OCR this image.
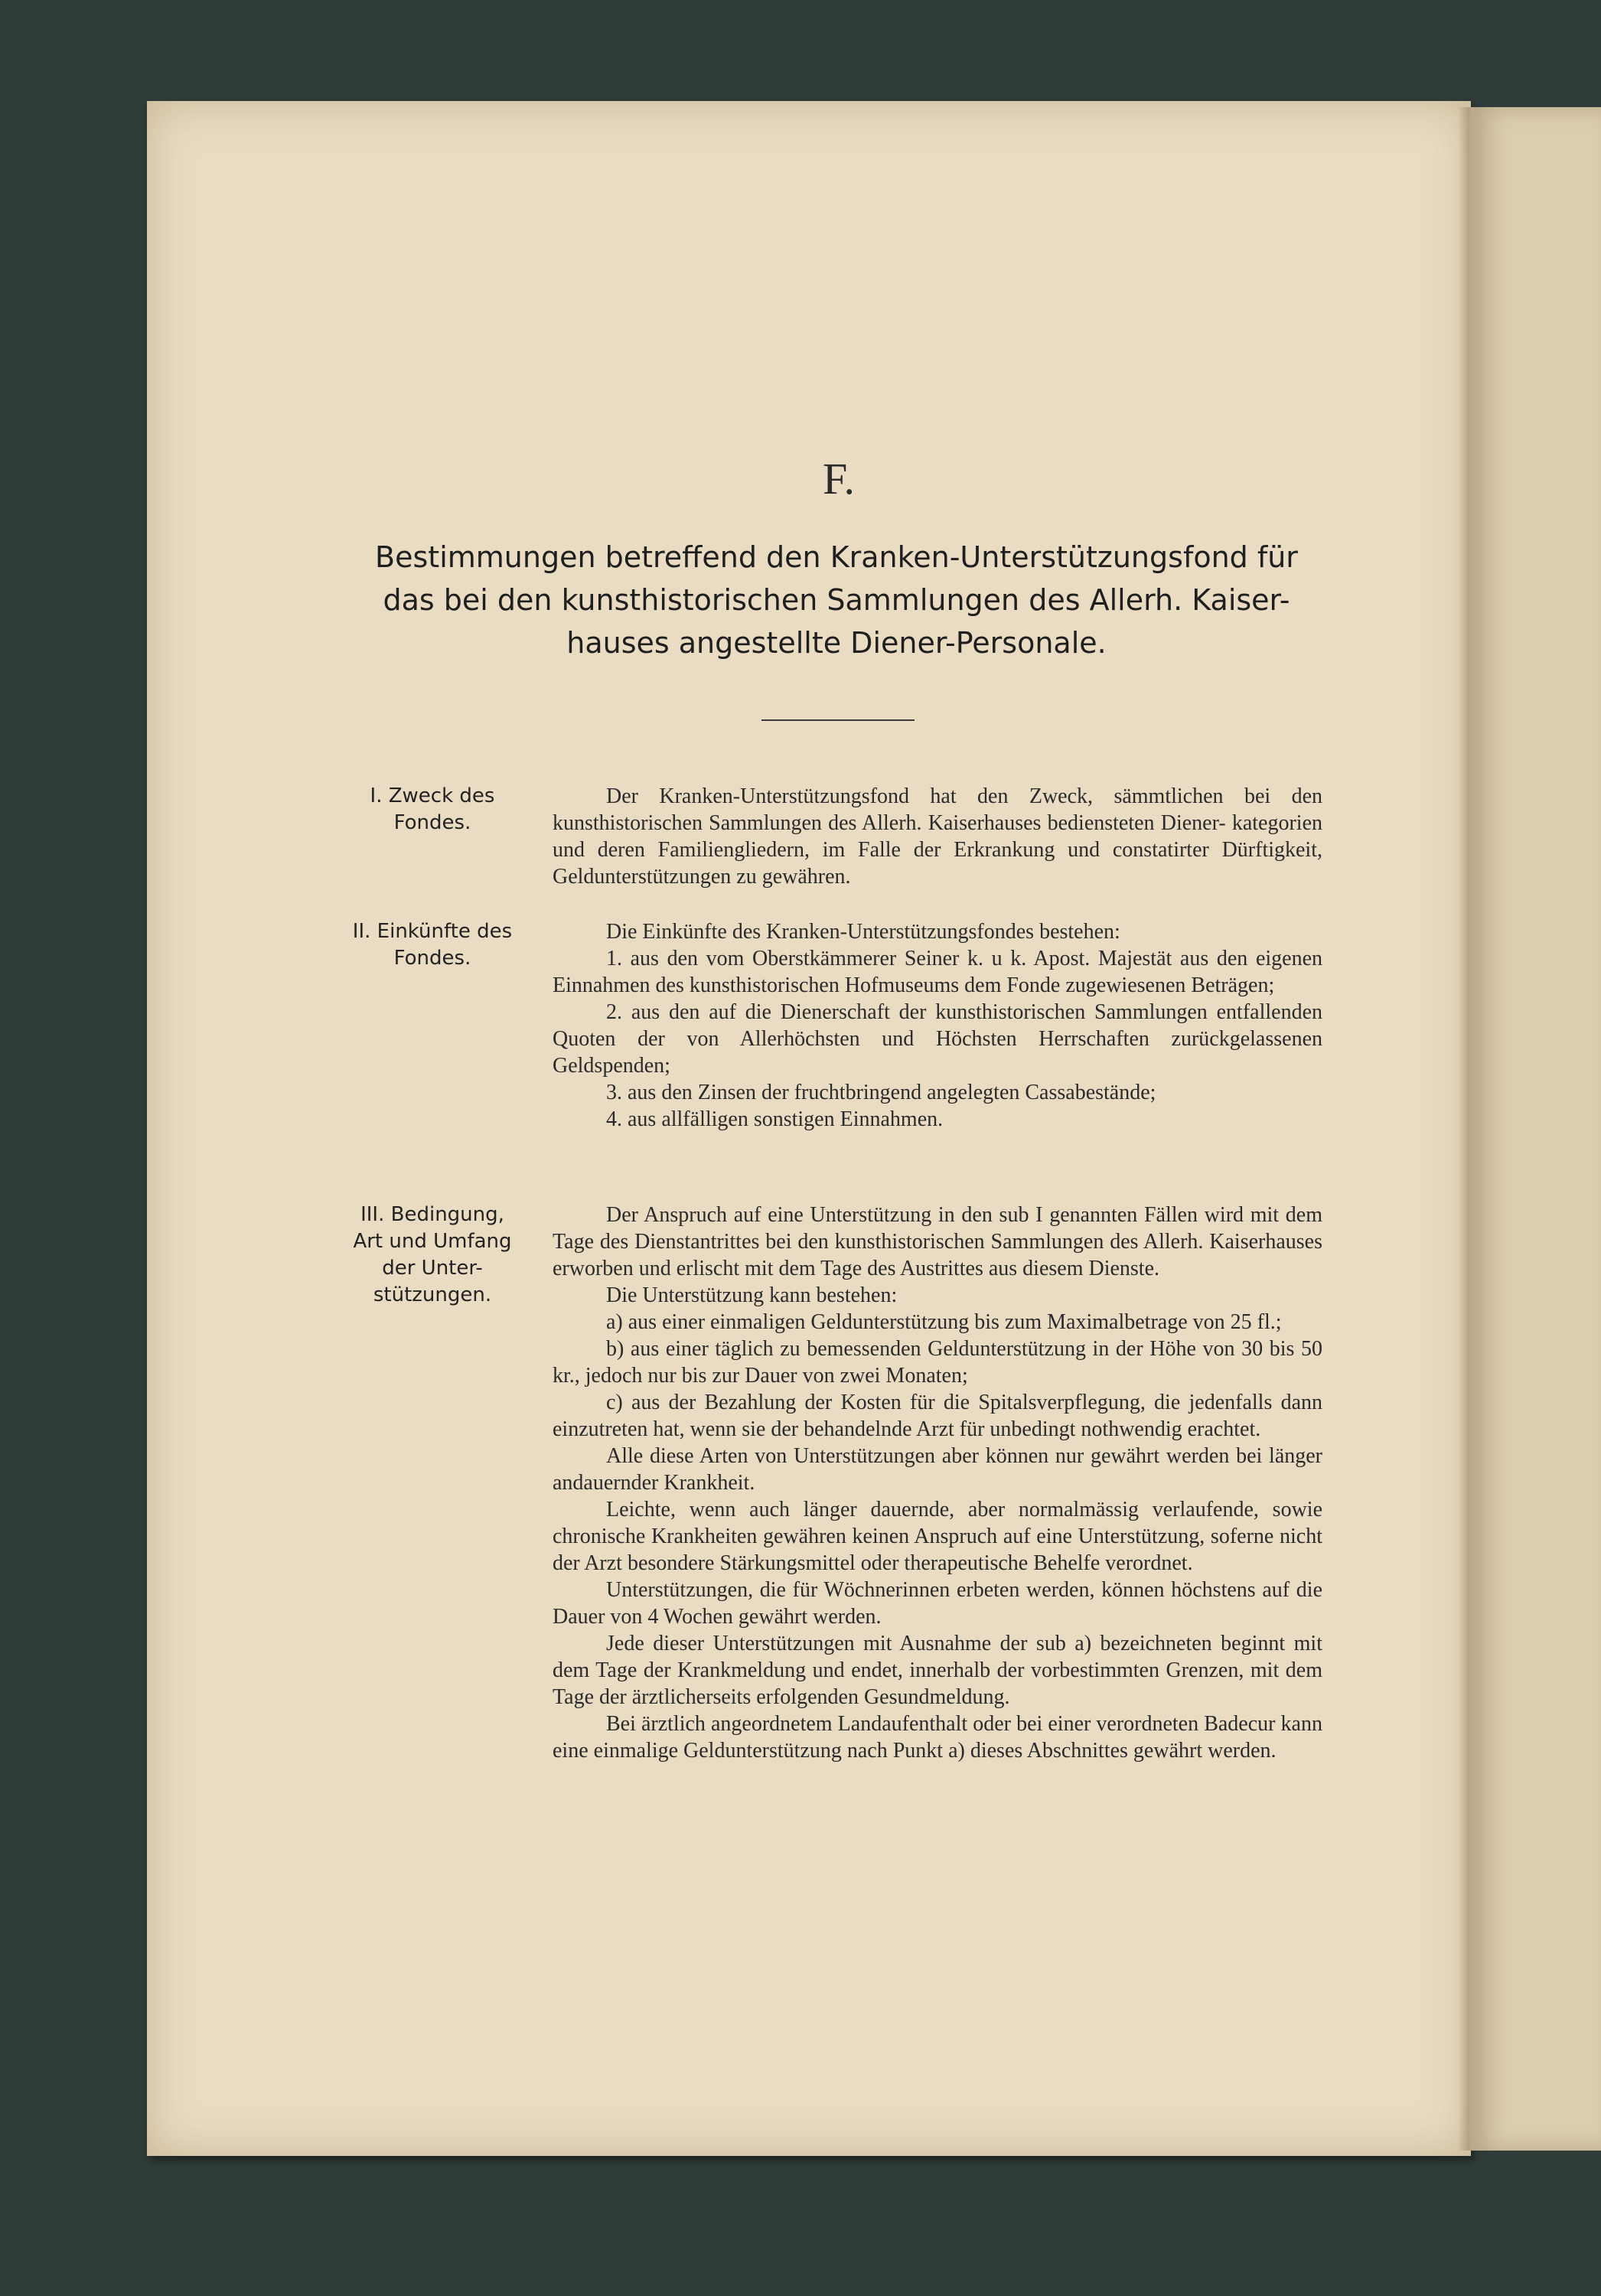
F.
Bestimmungen betreffend den Kranken-Unterstützungsfond für
das bei den kunsthistorischen Sammlungen des Allerh. Kaiser-
hauses angestellte Diener-Personale.
I. Zweck des
Fondes.

Der Kranken-Unterstützungsfond hat den Zweck, sämmtlichen bei den kunsthistorischen Sammlungen des Allerh. Kaiserhauses bediensteten Diener- kategorien und deren Familiengliedern, im Falle der Erkrankung und constatirter Dürftigkeit, Geldunterstützungen zu gewähren.

II. Einkünfte des
Fondes.

Die Einkünfte des Kranken-Unterstützungsfondes bestehen:

1. aus den vom Oberstkämmerer Seiner k. u k. Apost. Majestät aus den eigenen Einnahmen des kunsthistorischen Hofmuseums dem Fonde zugewiesenen Beträgen;

2. aus den auf die Dienerschaft der kunsthistorischen Sammlungen entfallenden Quoten der von Allerhöchsten und Höchsten Herrschaften zurückgelassenen Geldspenden;

3. aus den Zinsen der fruchtbringend angelegten Cassabestände;

4. aus allfälligen sonstigen Einnahmen.

III. Bedingung,
Art und Umfang
der Unter-
stützungen.

Der Anspruch auf eine Unterstützung in den sub I genannten Fällen wird mit dem Tage des Dienstantrittes bei den kunsthistorischen Sammlungen des Allerh. Kaiserhauses erworben und erlischt mit dem Tage des Austrittes aus diesem Dienste.

Die Unterstützung kann bestehen:

a) aus einer einmaligen Geldunterstützung bis zum Maximalbetrage von 25 fl.;

b) aus einer täglich zu bemessenden Geldunterstützung in der Höhe von 30 bis 50 kr., jedoch nur bis zur Dauer von zwei Monaten;

c) aus der Bezahlung der Kosten für die Spitalsverpflegung, die jedenfalls dann einzutreten hat, wenn sie der behandelnde Arzt für unbedingt nothwendig erachtet.

Alle diese Arten von Unterstützungen aber können nur gewährt werden bei länger andauernder Krankheit.

Leichte, wenn auch länger dauernde, aber normalmässig verlaufende, sowie chronische Krankheiten gewähren keinen Anspruch auf eine Unterstützung, soferne nicht der Arzt besondere Stärkungsmittel oder therapeutische Behelfe verordnet.

Unterstützungen, die für Wöchnerinnen erbeten werden, können höchstens auf die Dauer von 4 Wochen gewährt werden.

Jede dieser Unterstützungen mit Ausnahme der sub a) bezeichneten beginnt mit dem Tage der Krankmeldung und endet, innerhalb der vorbestimmten Grenzen, mit dem Tage der ärztlicherseits erfolgenden Gesundmeldung.

Bei ärztlich angeordnetem Landaufenthalt oder bei einer verordneten Badecur kann eine einmalige Geldunterstützung nach Punkt a) dieses Abschnittes gewährt werden.
